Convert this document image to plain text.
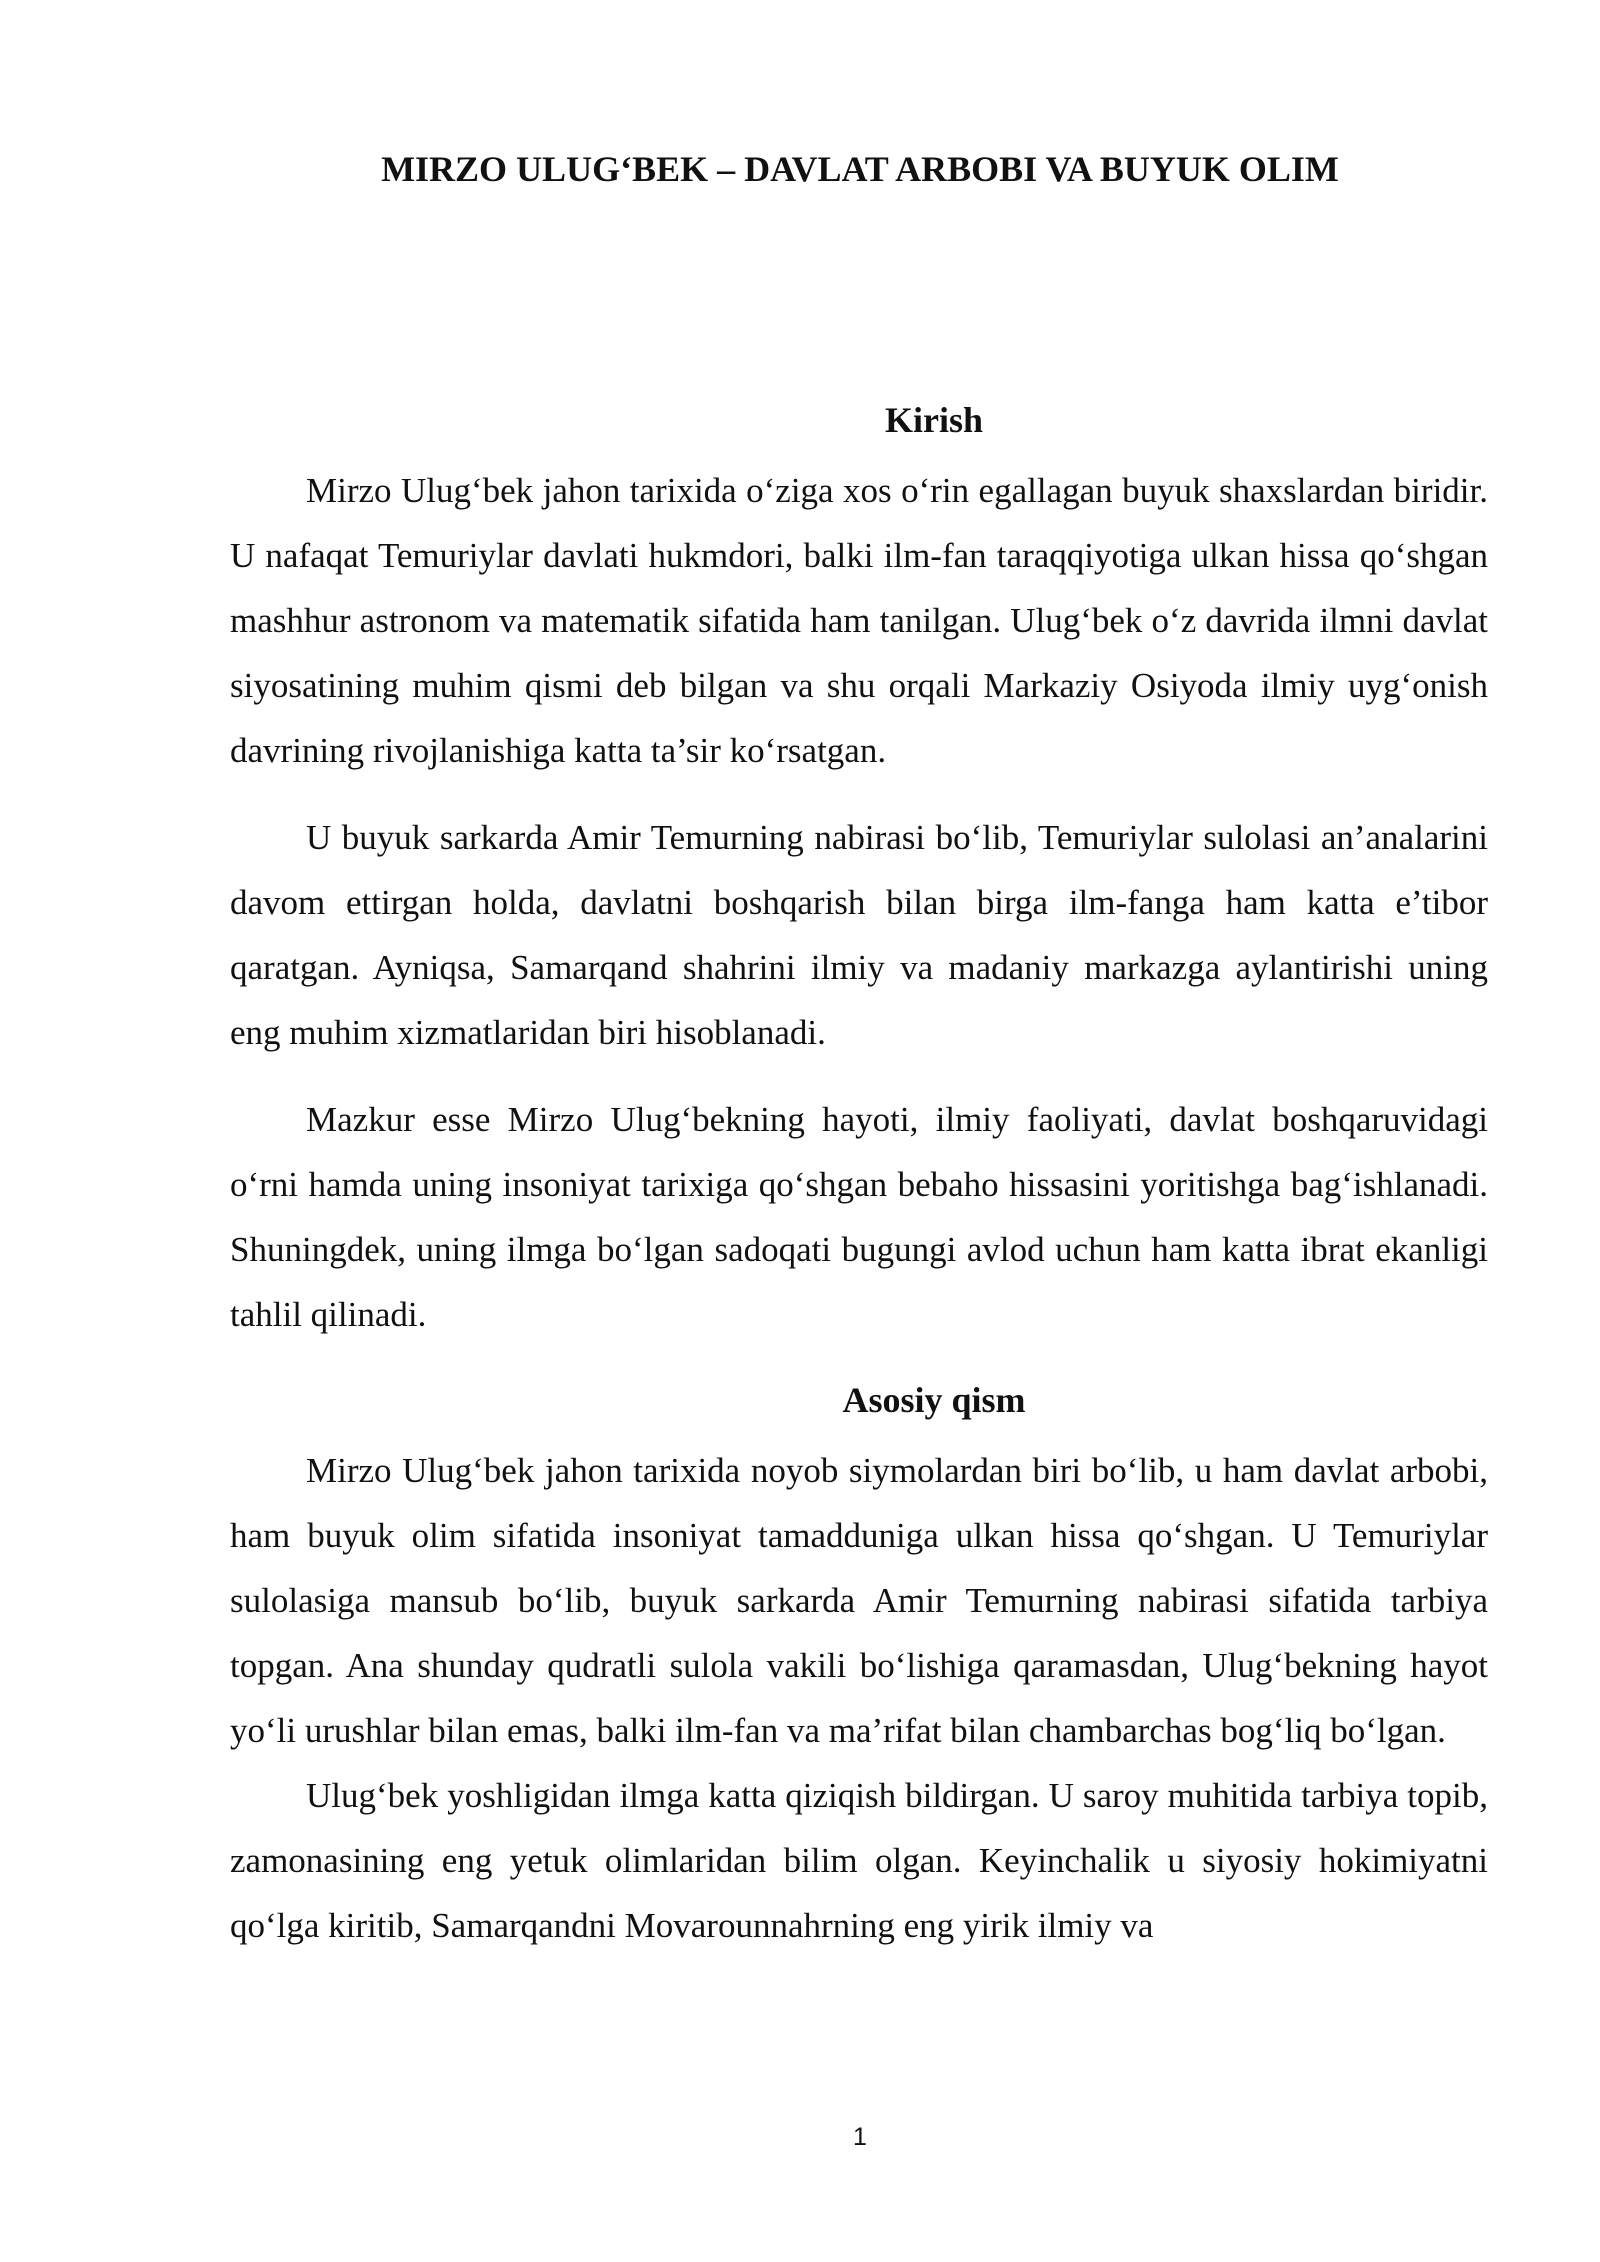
MIRZO ULUG‘BEK – DAVLAT ARBOBI VA BUYUK OLIM
Kirish

Mirzo Ulug‘bek jahon tarixida o‘ziga xos o‘rin egallagan buyuk shaxslardan biridir. U nafaqat Temuriylar davlati hukmdori, balki ilm-fan taraqqiyotiga ulkan hissa qo‘shgan mashhur astronom va matematik sifatida ham tanilgan. Ulug‘bek o‘z davrida ilmni davlat siyosatining muhim qismi deb bilgan va shu orqali Markaziy Osiyoda ilmiy uyg‘onish davrining rivojlanishiga katta ta’sir ko‘rsatgan.

U buyuk sarkarda Amir Temurning nabirasi bo‘lib, Temuriylar sulolasi an’analarini davom ettirgan holda, davlatni boshqarish bilan birga ilm-fanga ham katta e’tibor qaratgan. Ayniqsa, Samarqand shahrini ilmiy va madaniy markazga aylantirishi uning eng muhim xizmatlaridan biri hisoblanadi.

Mazkur esse Mirzo Ulug‘bekning hayoti, ilmiy faoliyati, davlat boshqaruvidagi o‘rni hamda uning insoniyat tarixiga qo‘shgan bebaho hissasini yoritishga bag‘ishlanadi. Shuningdek, uning ilmga bo‘lgan sadoqati bugungi avlod uchun ham katta ibrat ekanligi tahlil qilinadi.

Asosiy qism

Mirzo Ulug‘bek jahon tarixida noyob siymolardan biri bo‘lib, u ham davlat arbobi, ham buyuk olim sifatida insoniyat tamadduniga ulkan hissa qo‘shgan. U Temuriylar sulolasiga mansub bo‘lib, buyuk sarkarda Amir Temurning nabirasi sifatida tarbiya topgan. Ana shunday qudratli sulola vakili bo‘lishiga qaramasdan, Ulug‘bekning hayot yo‘li urushlar bilan emas, balki ilm-fan va ma’rifat bilan chambarchas bog‘liq bo‘lgan.

Ulug‘bek yoshligidan ilmga katta qiziqish bildirgan. U saroy muhitida tarbiya topib, zamonasining eng yetuk olimlaridan bilim olgan. Keyinchalik u siyosiy hokimiyatni qo‘lga kiritib, Samarqandni Movarounnahrning eng yirik ilmiy va

1
